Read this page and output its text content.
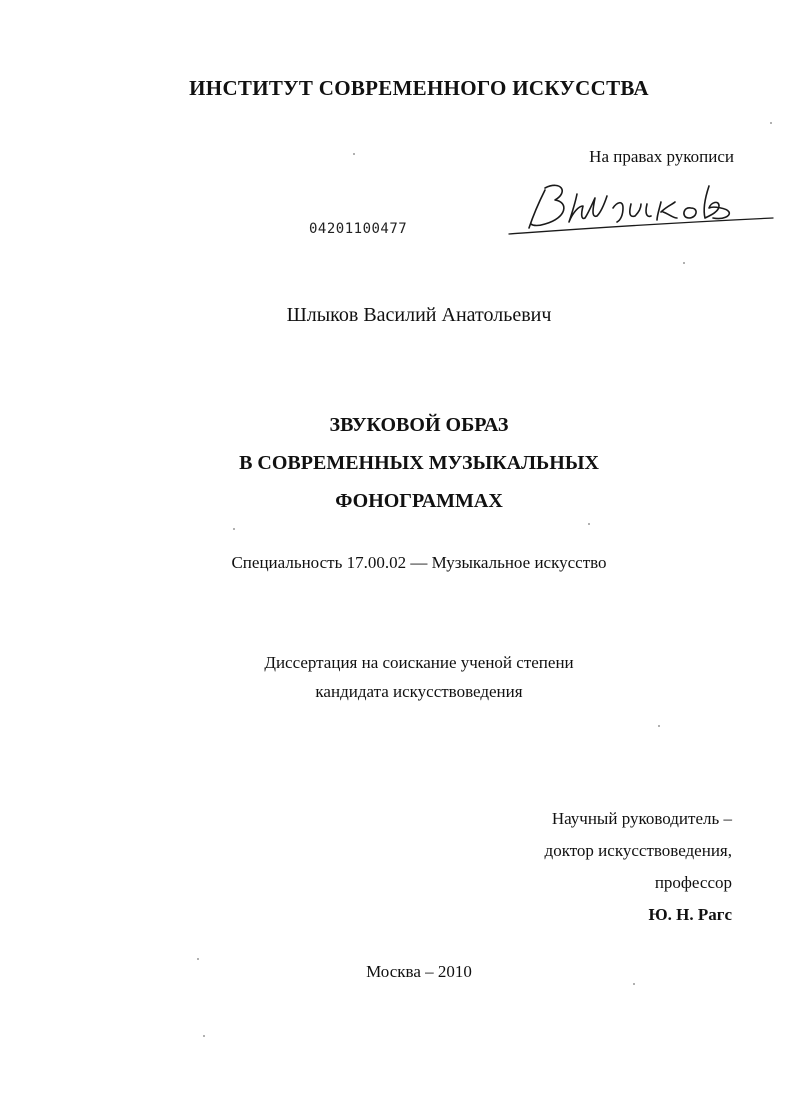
ИНСТИТУТ СОВРЕМЕННОГО ИСКУССТВА
На правах рукописи
04201100477
Шлыков Василий Анатольевич
ЗВУКОВОЙ ОБРАЗ
В СОВРЕМЕННЫХ МУЗЫКАЛЬНЫХ
ФОНОГРАММАХ
Специальность 17.00.02 — Музыкальное искусство
Диссертация на соискание ученой степени
кандидата искусствоведения
Научный руководитель –
доктор искусствоведения,
профессор
Ю. Н. Рагс
Москва – 2010
